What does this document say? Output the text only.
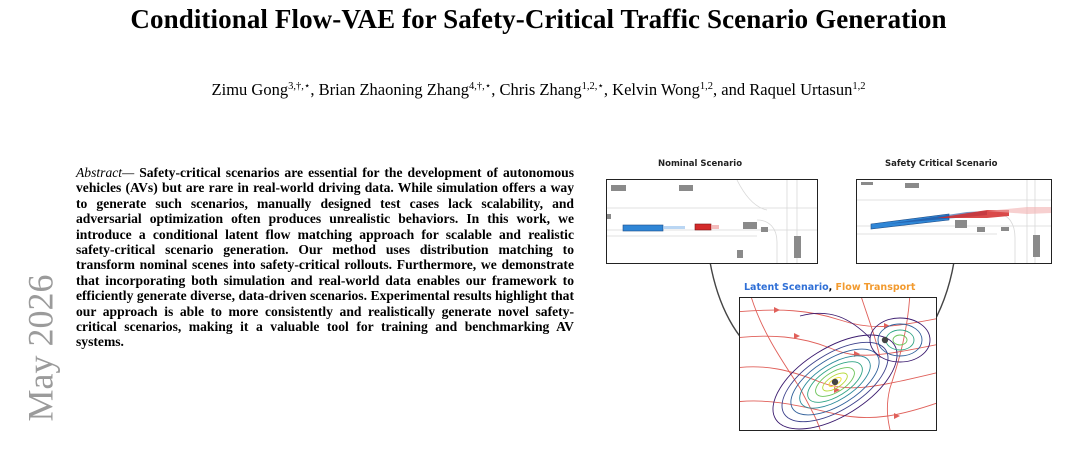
Conditional Flow-VAE for Safety-Critical Traffic Scenario Generation
Zimu Gong$^{3,\dagger,⋆}$, Brian Zhaoning Zhang$^{4,\dagger,⋆}$, Chris Zhang$^{1,2,⋆}$, Kelvin Wong$^{1,2}$, and Raquel Urtasun$^{1,2}$
May 2026
Abstract— Safety-critical scenarios are essential for the development of autonomous vehicles (AVs) but are rare in real-world driving data. While simulation offers a way to generate such scenarios, manually designed test cases lack scalability, and adversarial optimization often produces unrealistic behaviors. In this work, we introduce a conditional latent flow matching approach for scalable and realistic safety-critical scenario generation. Our method uses distribution matching to transform nominal scenes into safety-critical rollouts. Furthermore, we demonstrate that incorporating both simulation and real-world data enables our framework to efficiently generate diverse, data-driven scenarios. Experimental results highlight that our approach is able to more consistently and realistically generate novel safety-critical scenarios, making it a valuable tool for training and benchmarking AV systems.
Nominal Scenario	Safety Critical Scenario
Latent Scenario, Flow Transport
